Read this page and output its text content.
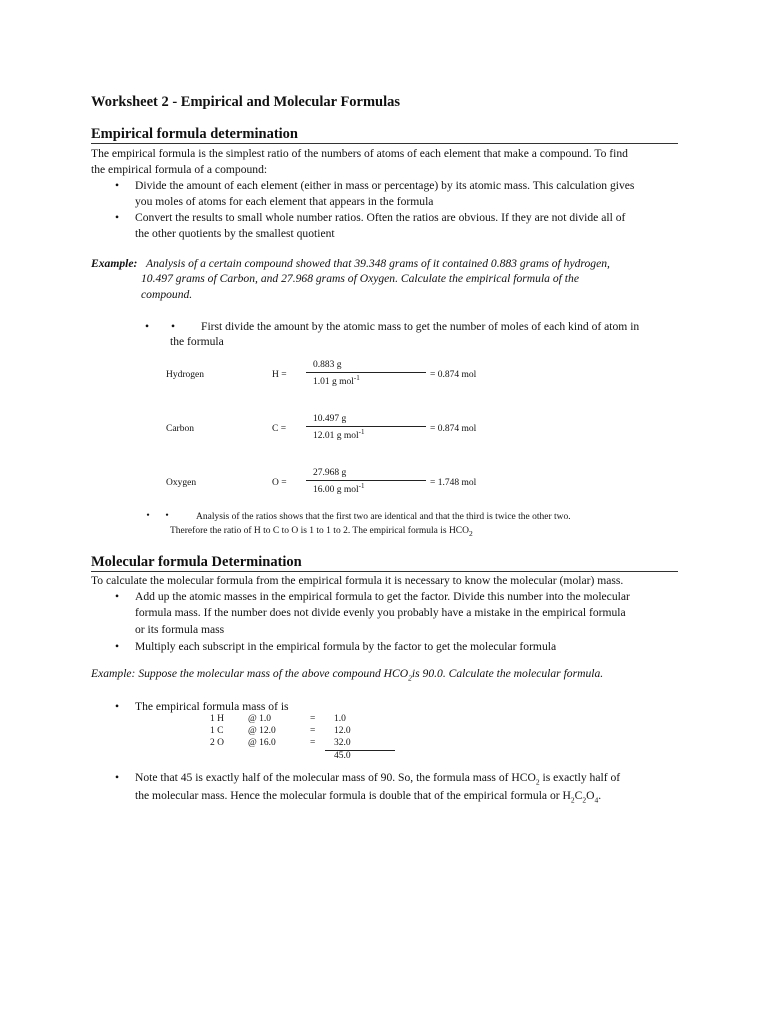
Worksheet 2 - Empirical and Molecular Formulas
Empirical formula determination
The empirical formula is the simplest ratio of the numbers of atoms of each element that make a compound. To find
the empirical formula of a compound:
•	Divide the amount of each element (either in mass or percentage) by its atomic mass. This calculation gives
you moles of atoms for each element that appears in the formula
•	Convert the results to small whole number ratios. Often the ratios are obvious. If they are not divide all of
the other quotients by the smallest quotient
Example: Analysis of a certain compound showed that 39.348 grams of it contained 0.883 grams of hydrogen,
10.497 grams of Carbon, and 27.968 grams of Oxygen. Calculate the empirical formula of the
compound.
•	•	First divide the amount by the atomic mass to get the number of moles of each kind of atom in
the formula
Hydrogen	H =
0.883 g
1.01 g mol$^{-1}$	= 0.874 mol
Carbon	C =
10.497 g
12.01 g mol$^{-1}$	= 0.874 mol
Oxygen	O =
27.968 g
16.00 g mol$^{-1}$	= 1.748 mol
•	•	Analysis of the ratios shows that the first two are identical and that the third is twice the other two.
Therefore the ratio of H to C to O is 1 to 1 to 2. The empirical formula is $HCO_2$
Molecular formula Determination
To calculate the molecular formula from the empirical formula it is necessary to know the molecular (molar) mass.
•	Add up the atomic masses in the empirical formula to get the factor. Divide this number into the molecular
formula mass. If the number does not divide evenly you probably have a mistake in the empirical formula
or its formula mass
•	Multiply each subscript in the empirical formula by the factor to get the molecular formula
Example: Suppose the molecular mass of the above compound $HCO_2is$ 90.0. Calculate the molecular formula.
•	The empirical formula mass of is
1 H	@ 1.0	= 1.0
1 C	@ 12.0	= 12.0
2 O	@ 16.0	= 32.0
45.0
•	Note that 45 is exactly half of the molecular mass of 90. So, the formula mass of $HCO_2$ is exactly half of
the molecular mass. Hence the molecular formula is double that of the empirical formula or $H_2C_2O_4$.
